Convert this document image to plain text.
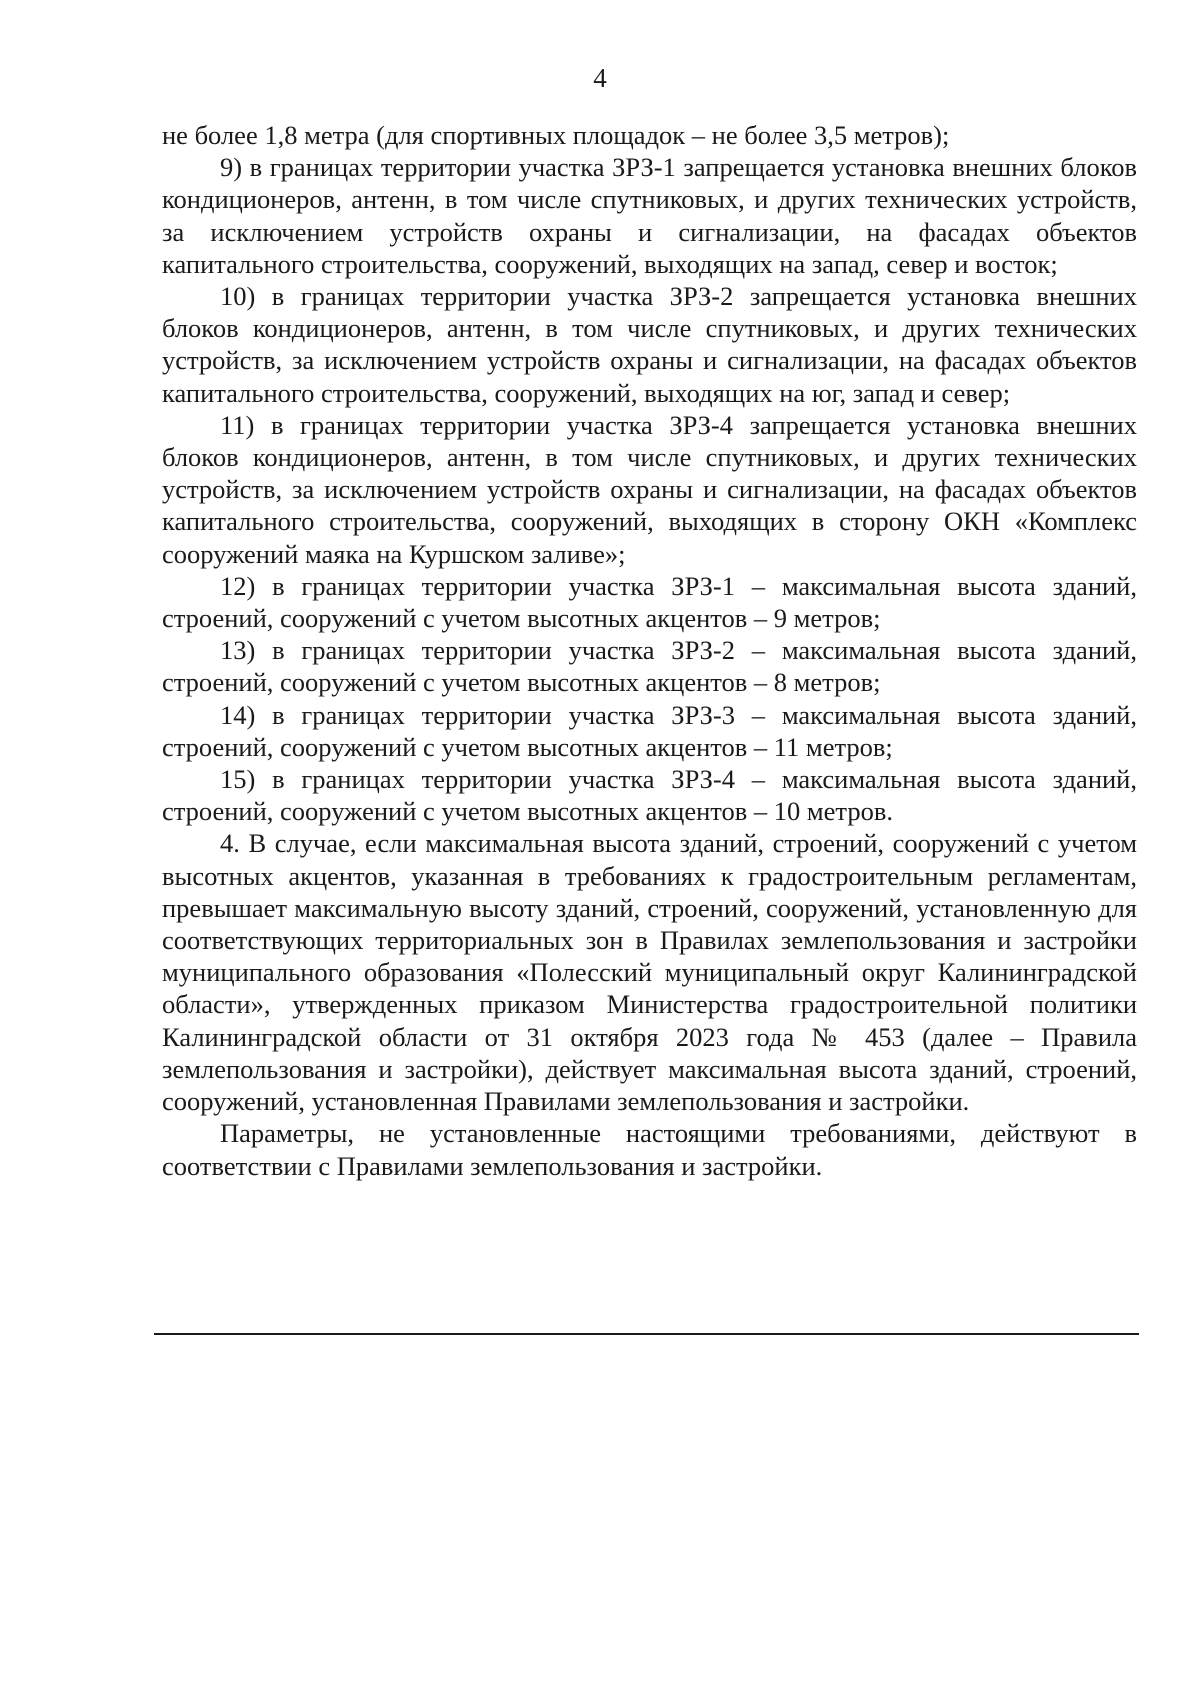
4

не более 1,8 метра (для спортивных площадок – не более 3,5 метров);

9) в границах территории участка ЗРЗ-1 запрещается установка внешних блоков кондиционеров, антенн, в том числе спутниковых, и других технических устройств, за исключением устройств охраны и сигнализации, на фасадах объектов капитального строительства, сооружений, выходящих на запад, север и восток;

10) в границах территории участка ЗРЗ-2 запрещается установка внешних блоков кондиционеров, антенн, в том числе спутниковых, и других технических устройств, за исключением устройств охраны и сигнализации, на фасадах объектов капитального строительства, сооружений, выходящих на юг, запад и север;

11) в границах территории участка ЗРЗ-4 запрещается установка внешних блоков кондиционеров, антенн, в том числе спутниковых, и других технических устройств, за исключением устройств охраны и сигнализации, на фасадах объектов капитального строительства, сооружений, выходящих в сторону ОКН «Комплекс сооружений маяка на Куршском заливе»;

12) в границах территории участка ЗРЗ-1 – максимальная высота зданий, строений, сооружений с учетом высотных акцентов – 9 метров;

13) в границах территории участка ЗРЗ-2 – максимальная высота зданий, строений, сооружений с учетом высотных акцентов – 8 метров;

14) в границах территории участка ЗРЗ-3 – максимальная высота зданий, строений, сооружений с учетом высотных акцентов – 11 метров;

15) в границах территории участка ЗРЗ-4 – максимальная высота зданий, строений, сооружений с учетом высотных акцентов – 10 метров.

4. В случае, если максимальная высота зданий, строений, сооружений с учетом высотных акцентов, указанная в требованиях к градостроительным регламентам, превышает максимальную высоту зданий, строений, сооружений, установленную для соответствующих территориальных зон в Правилах землепользования и застройки муниципального образования «Полесский муниципальный округ Калининградской области», утвержденных приказом Министерства градостроительной политики Калининградской области от 31 октября 2023 года № 453 (далее – Правила землепользования и застройки), действует максимальная высота зданий, строений, сооружений, установленная Правилами землепользования и застройки.

Параметры, не установленные настоящими требованиями, действуют в соответствии с Правилами землепользования и застройки.
